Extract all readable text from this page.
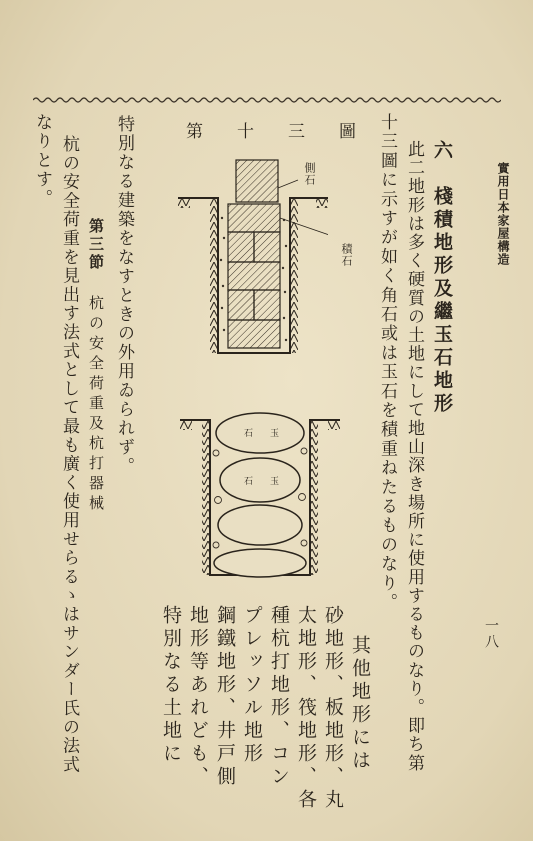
實用日本家屋構造
一八
六　棧積地形及繼玉石地形
此二地形は多く硬質の土地にして地山深き場所に使用するものなり。即ち第
十三圖に示すが如く角石或は玉石を積重ねたるものなり。
其他地形には
砂地形、板地形、丸
太地形、筏地形、各
種杭打地形、コン
プレッソル地形
鋼鐵地形、井戸側
地形等あれども、
特別なる土地に
特別なる建築をなすときの外用ゐられず。
第三節
杭の安全荷重及杭打器械
杭の安全荷重を見出す法式として最も廣く使用せらるゝはサンダー氏の法式
なりとす。	第十三圖
側石
積石
石 玉
石 玉
